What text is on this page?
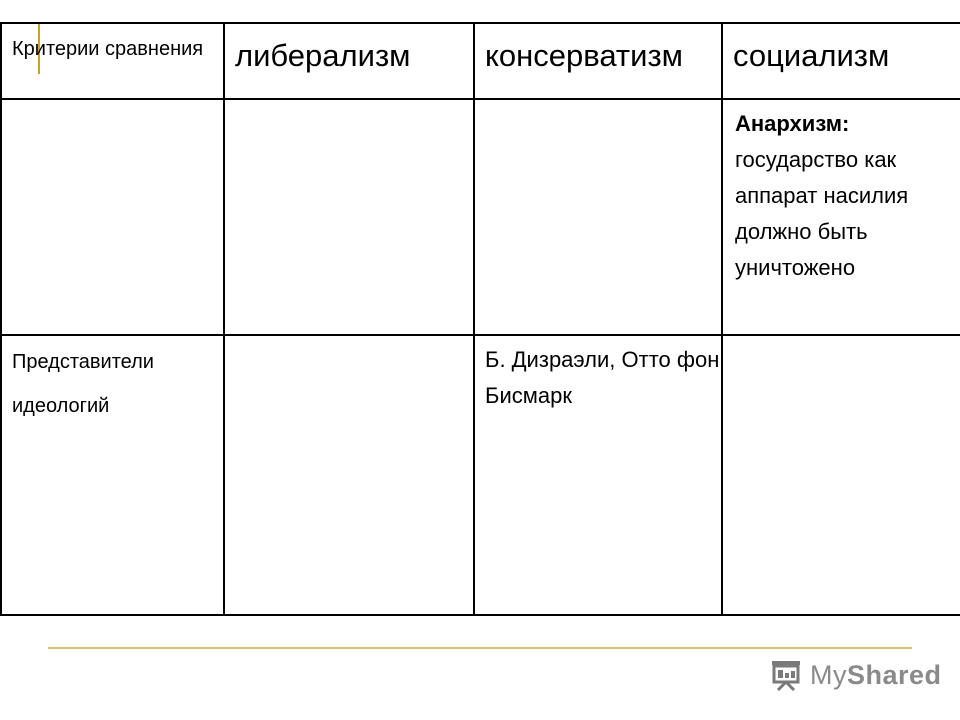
Критерии сравнения	либерализм	консерватизм	социализм

			Анархизм:
государство как аппарат насилия должно быть уничтожено

Представители идеологий		Б. Дизраэли, Отто фон Бисмарк	

MyShared
